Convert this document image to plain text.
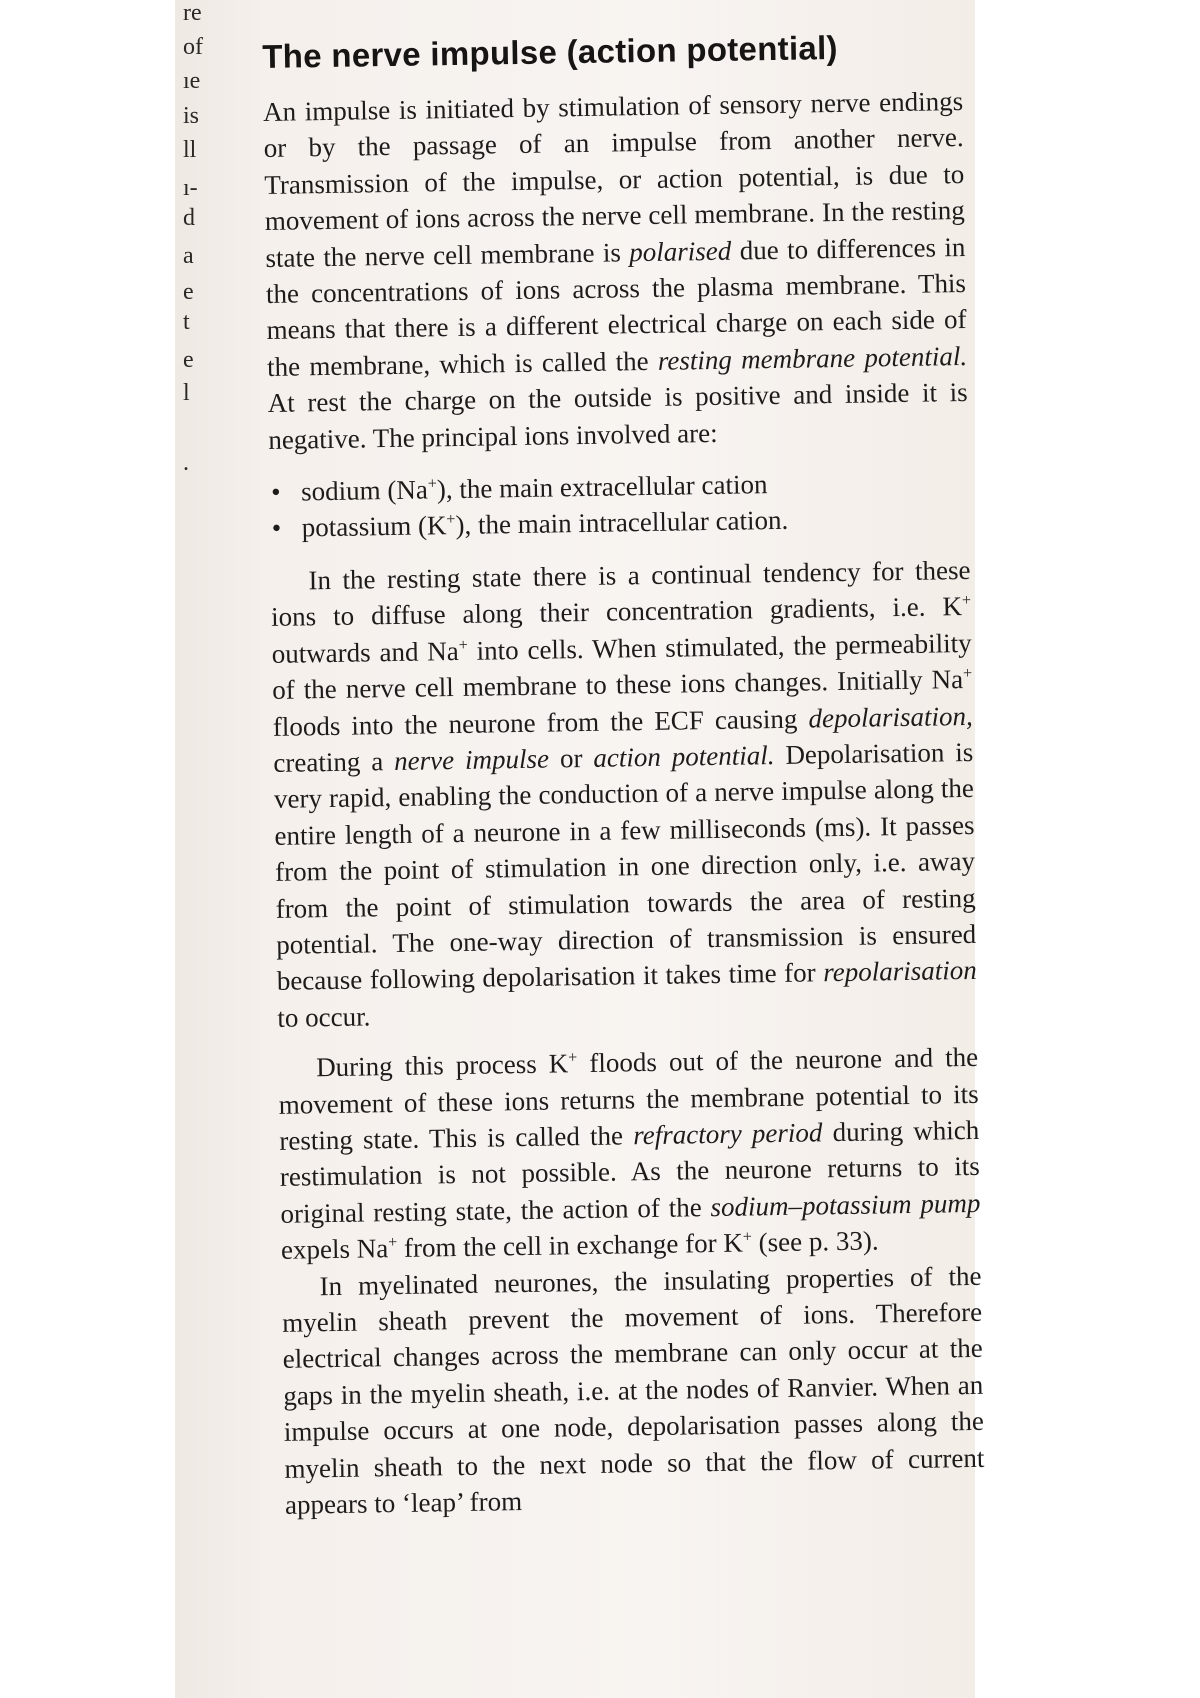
re
of
ıe
is
ll
ı-
d
a
e
t
e
l
.
The nerve impulse (action potential)

An impulse is initiated by stimulation of sensory nerve endings or by the passage of an impulse from another nerve. Transmission of the impulse, or action potential, is due to movement of ions across the nerve cell membrane. In the resting state the nerve cell membrane is polarised due to differences in the concentrations of ions across the plasma membrane. This means that there is a different electrical charge on each side of the membrane, which is called the resting membrane potential. At rest the charge on the outside is positive and inside it is negative. The principal ions involved are:

• sodium (Na+), the main extracellular cation
• potassium (K+), the main intracellular cation.

In the resting state there is a continual tendency for these ions to diffuse along their concentration gradients, i.e. K+ outwards and Na+ into cells. When stimulated, the permeability of the nerve cell membrane to these ions changes. Initially Na+ floods into the neurone from the ECF causing depolarisation, creating a nerve impulse or action potential. Depolarisation is very rapid, enabling the conduction of a nerve impulse along the entire length of a neurone in a few milliseconds (ms). It passes from the point of stimulation in one direction only, i.e. away from the point of stimulation towards the area of resting potential. The one-way direction of transmission is ensured because following depolarisation it takes time for repolarisation to occur.

During this process K+ floods out of the neurone and the movement of these ions returns the membrane potential to its resting state. This is called the refractory period during which restimulation is not possible. As the neurone returns to its original resting state, the action of the sodium–potassium pump expels Na+ from the cell in exchange for K+ (see p. 33).

In myelinated neurones, the insulating properties of the myelin sheath prevent the movement of ions. Therefore electrical changes across the membrane can only occur at the gaps in the myelin sheath, i.e. at the nodes of Ranvier. When an impulse occurs at one node, depolarisation passes along the myelin sheath to the next node so that the flow of current appears to ‘leap’ from
